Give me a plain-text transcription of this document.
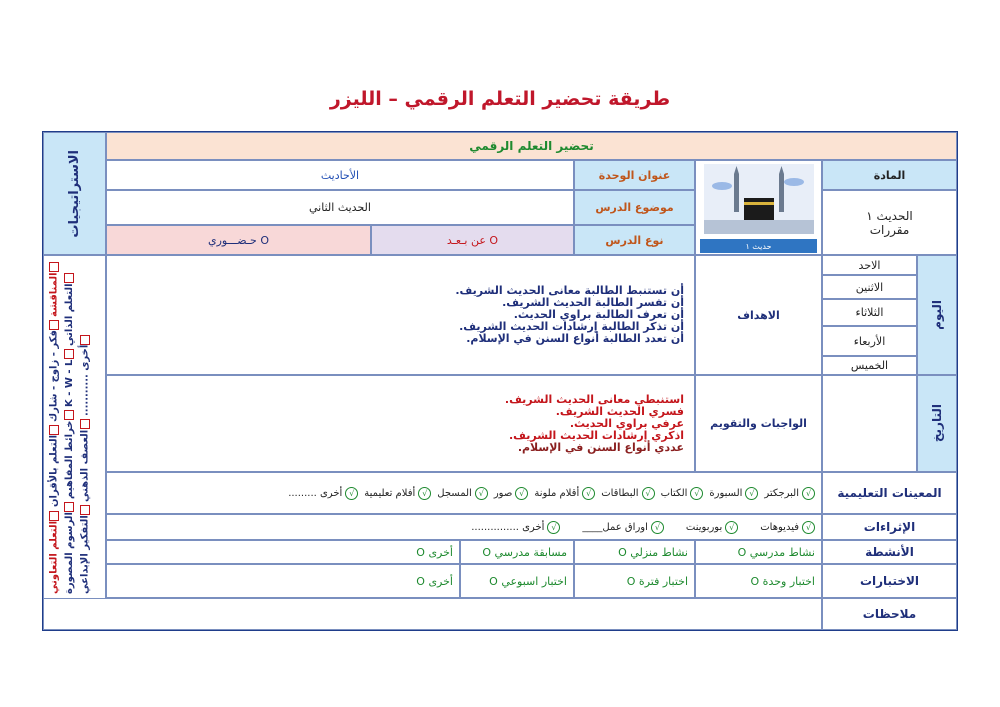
طريقة تحضير التعلم الرقمي – الليزر
الاستراتيجيات
التعلم التعاوني

التعلم بالأقران

فكر - زاوج - شارك

المناقشة

الرسوم المصورة

خرائط المفاهيم

K - W - L

التعلم الذاتي

التفكير الإبداعي

العصف الذهني

أخرى ...........
تحضير التعلم الرقمي
المادة
الحديث ١
مقررات
حديث ١
عنوان الوحدة
موضوع الدرس
نوع الدرس
الأحاديث
الحديث الثاني
عن بـعـد O
حـضـــوري O
اليوم
التاريخ
الاحد
الاثنين
الثلاثاء
الأربعاء
الخميس
الاهداف
أن تستنبط الطالبة معانى الحديث الشريف.
أن تفسر الطالبة الحديث الشريف.
أن تعرف الطالبة براوي الحديث.
أن تذكر الطالبة إرشادات الحديث الشريف.
أن تعدد الطالبة أنواع السنن في الإسلام.
الواجبات والتقويم
استنبطي معانى الحديث الشريف.
فسري الحديث الشريف.
عرفي براوي الحديث.
اذكري إرشادات الحديث الشريف.
عددي أنواع السنن في الإسلام.
المعينات التعليمية
√
البرجكتر
√
السبورة
√
الكتاب
√
البطاقات
√
أقلام ملونة
√
صور
√
المسجل
√
أفلام تعليمية
√
أخرى .........
الإثراءات
√
فيديوهات
√
بوربوينت
√
اوراق عمل____
√
أخرى ...............
الأنشطة
نشاط مدرسي O
نشاط منزلي O
مسابقة مدرسي O
أخرى O
الاختبارات
اختبار وحدة O
اختبار فترة O
اختبار اسبوعي O
أخرى O
ملاحظات
